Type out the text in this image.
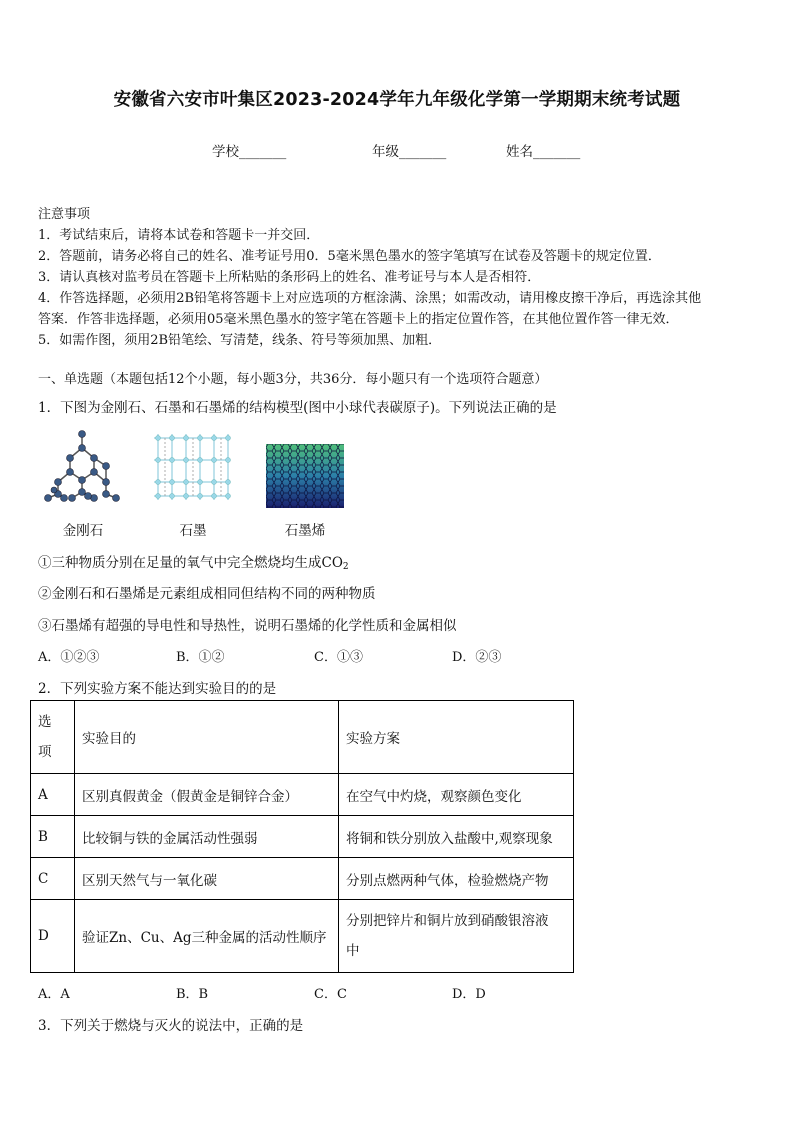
安徽省六安市叶集区2023-2024学年九年级化学第一学期期末统考试题
学校_______	年级_______	姓名_______
注意事项
1．考试结束后，请将本试卷和答题卡一并交回．
2．答题前，请务必将自己的姓名、准考证号用0．5毫米黑色墨水的签字笔填写在试卷及答题卡的规定位置．
3．请认真核对监考员在答题卡上所粘贴的条形码上的姓名、准考证号与本人是否相符．
4．作答选择题，必须用2B铅笔将答题卡上对应选项的方框涂满、涂黑；如需改动，请用橡皮擦干净后，再选涂其他
答案．作答非选择题，必须用05毫米黑色墨水的签字笔在答题卡上的指定位置作答，在其他位置作答一律无效．
5．如需作图，须用2B铅笔绘、写清楚，线条、符号等须加黑、加粗．
一、单选题（本题包括12个小题，每小题3分，共36分．每小题只有一个选项符合题意）
1．下图为金刚石、石墨和石墨烯的结构模型(图中小球代表碳原子)。下列说法正确的是
金刚石	石墨	石墨烯
①三种物质分别在足量的氧气中完全燃烧均生成$CO_2$
②金刚石和石墨烯是元素组成相同但结构不同的两种物质
③石墨烯有超强的导电性和导热性，说明石墨烯的化学性质和金属相似
A．①②③	B．①②	C．①③	D．②③
2．下列实验方案不能达到实验目的的是
选
项	实验目的	实验方案
A	区别真假黄金（假黄金是铜锌合金）	在空气中灼烧，观察颜色变化
B	比较铜与铁的金属活动性强弱	将铜和铁分别放入盐酸中,观察现象
C	区别天然气与一氧化碳	分别点燃两种气体，检验燃烧产物
D	验证Zn、Cu、Ag三种金属的活动性顺序	分别把锌片和铜片放到硝酸银溶液
中
A．A	B．B	C．C	D．D
3．下列关于燃烧与灭火的说法中，正确的是
